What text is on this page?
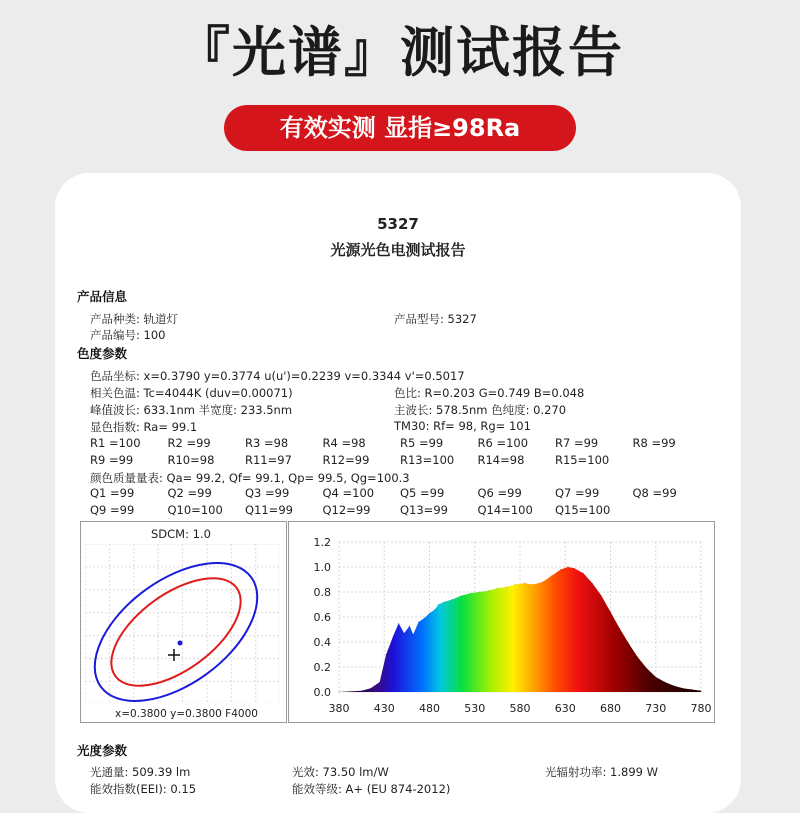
『光谱』测试报告
有效实测 显指≥98Ra
5327
光源光色电测试报告
产品信息
产品种类: 轨道灯	产品型号: 5327
产品编号: 100
色度参数
色品坐标: x=0.3790 y=0.3774 u(u')=0.2239 v=0.3344 v'=0.5017
相关色温: Tc=4044K (duv=0.00071)	色比: R=0.203 G=0.749 B=0.048
峰值波长: 633.1nm 半宽度: 233.5nm	主波长: 578.5nm 色纯度: 0.270
显色指数: Ra= 99.1	TM30: Rf= 98, Rg= 101
R1 =100 R2 =99	R3 =98	R4 =98	R5 =99	R6 =100 R7 =99	R8 =99
R9 =99	R10=98	R11=97	R12=99	R13=100 R14=98	R15=100
颜色质量量表: Qa= 99.2, Qf= 99.1, Qp= 99.5, Qg=100.3
Q1 =99	Q2 =99	Q3 =99	Q4 =100 Q5 =99	Q6 =99	Q7 =99	Q8 =99
Q9 =99	Q10=100 Q11=99	Q12=99	Q13=99	Q14=100 Q15=100
SDCM: 1.0
x=0.3800 y=0.3800 F4000
0.0
0.2
0.4
0.6
0.8
1.0
1.2
380 430 480 530 580 630 680 730 780
光度参数
光通量: 509.39 lm	光效: 73.50 lm/W	光辐射功率: 1.899 W
能效指数(EEI): 0.15	能效等级: A+ (EU 874-2012)
